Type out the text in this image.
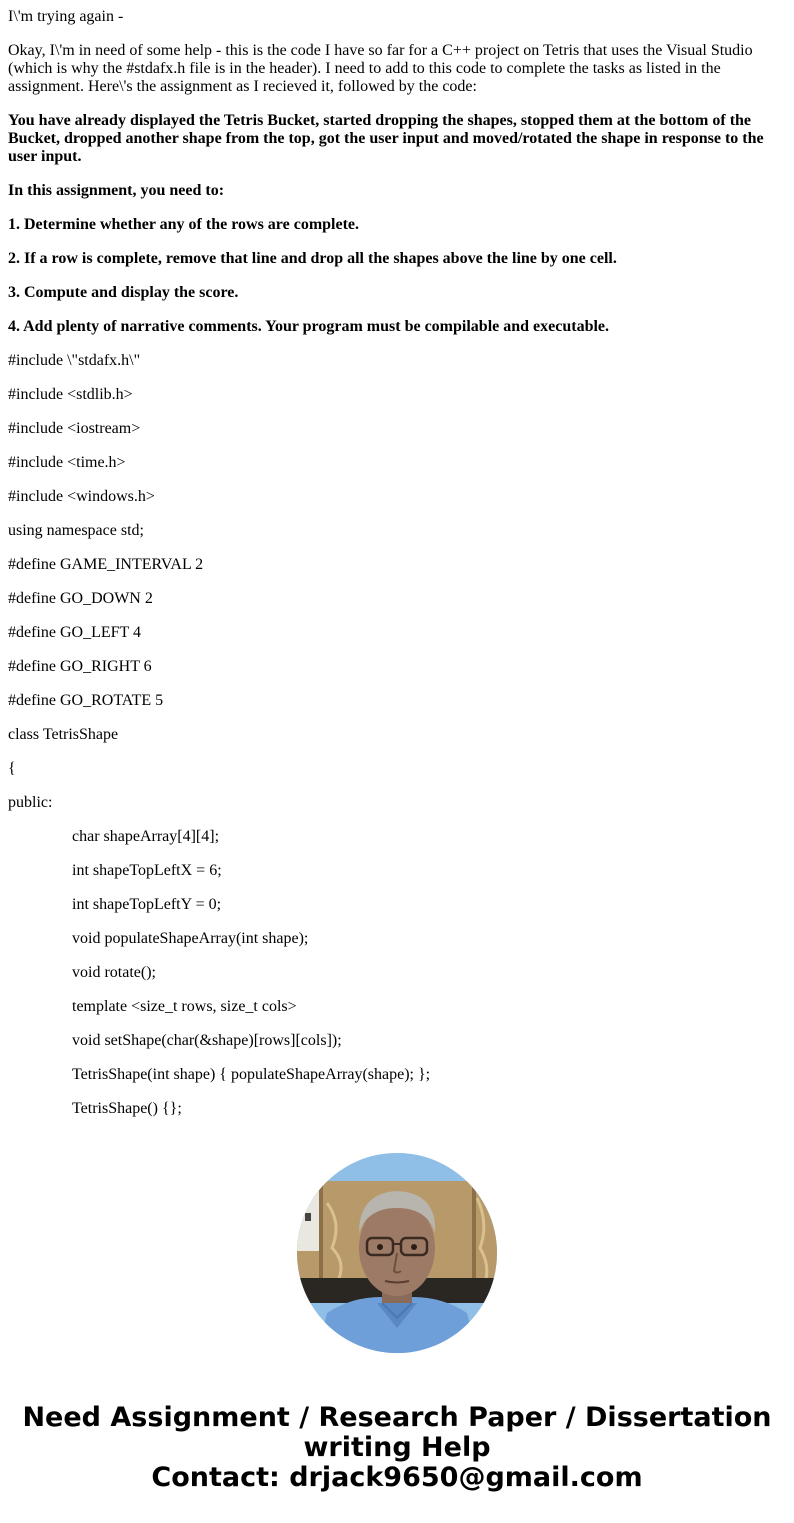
I\'m trying again -
Okay, I\'m in need of some help - this is the code I have so far for a C++ project on Tetris that uses the Visual Studio (which is why the #stdafx.h file is in the header). I need to add to this code to complete the tasks as listed in the assignment. Here\'s the assignment as I recieved it, followed by the code:
You have already displayed the Tetris Bucket, started dropping the shapes, stopped them at the bottom of the Bucket, dropped another shape from the top, got the user input and moved/rotated the shape in response to the user input.
In this assignment, you need to:
1. Determine whether any of the rows are complete.
2. If a row is complete, remove that line and drop all the shapes above the line by one cell.
3. Compute and display the score.
4. Add plenty of narrative comments. Your program must be compilable and executable.
#include \"stdafx.h\"
#include <stdlib.h>
#include <iostream>
#include <time.h>
#include <windows.h>
using namespace std;
#define GAME_INTERVAL 2
#define GO_DOWN 2
#define GO_LEFT 4
#define GO_RIGHT 6
#define GO_ROTATE 5
class TetrisShape
{
public:
char shapeArray[4][4];
int shapeTopLeftX = 6;
int shapeTopLeftY = 0;
void populateShapeArray(int shape);
void rotate();
template <size_t rows, size_t cols>
void setShape(char(&shape)[rows][cols]);
TetrisShape(int shape) { populateShapeArray(shape); };
TetrisShape() {};
Need Assignment / Research Paper / Dissertation
writing Help
Contact: drjack9650@gmail.com
